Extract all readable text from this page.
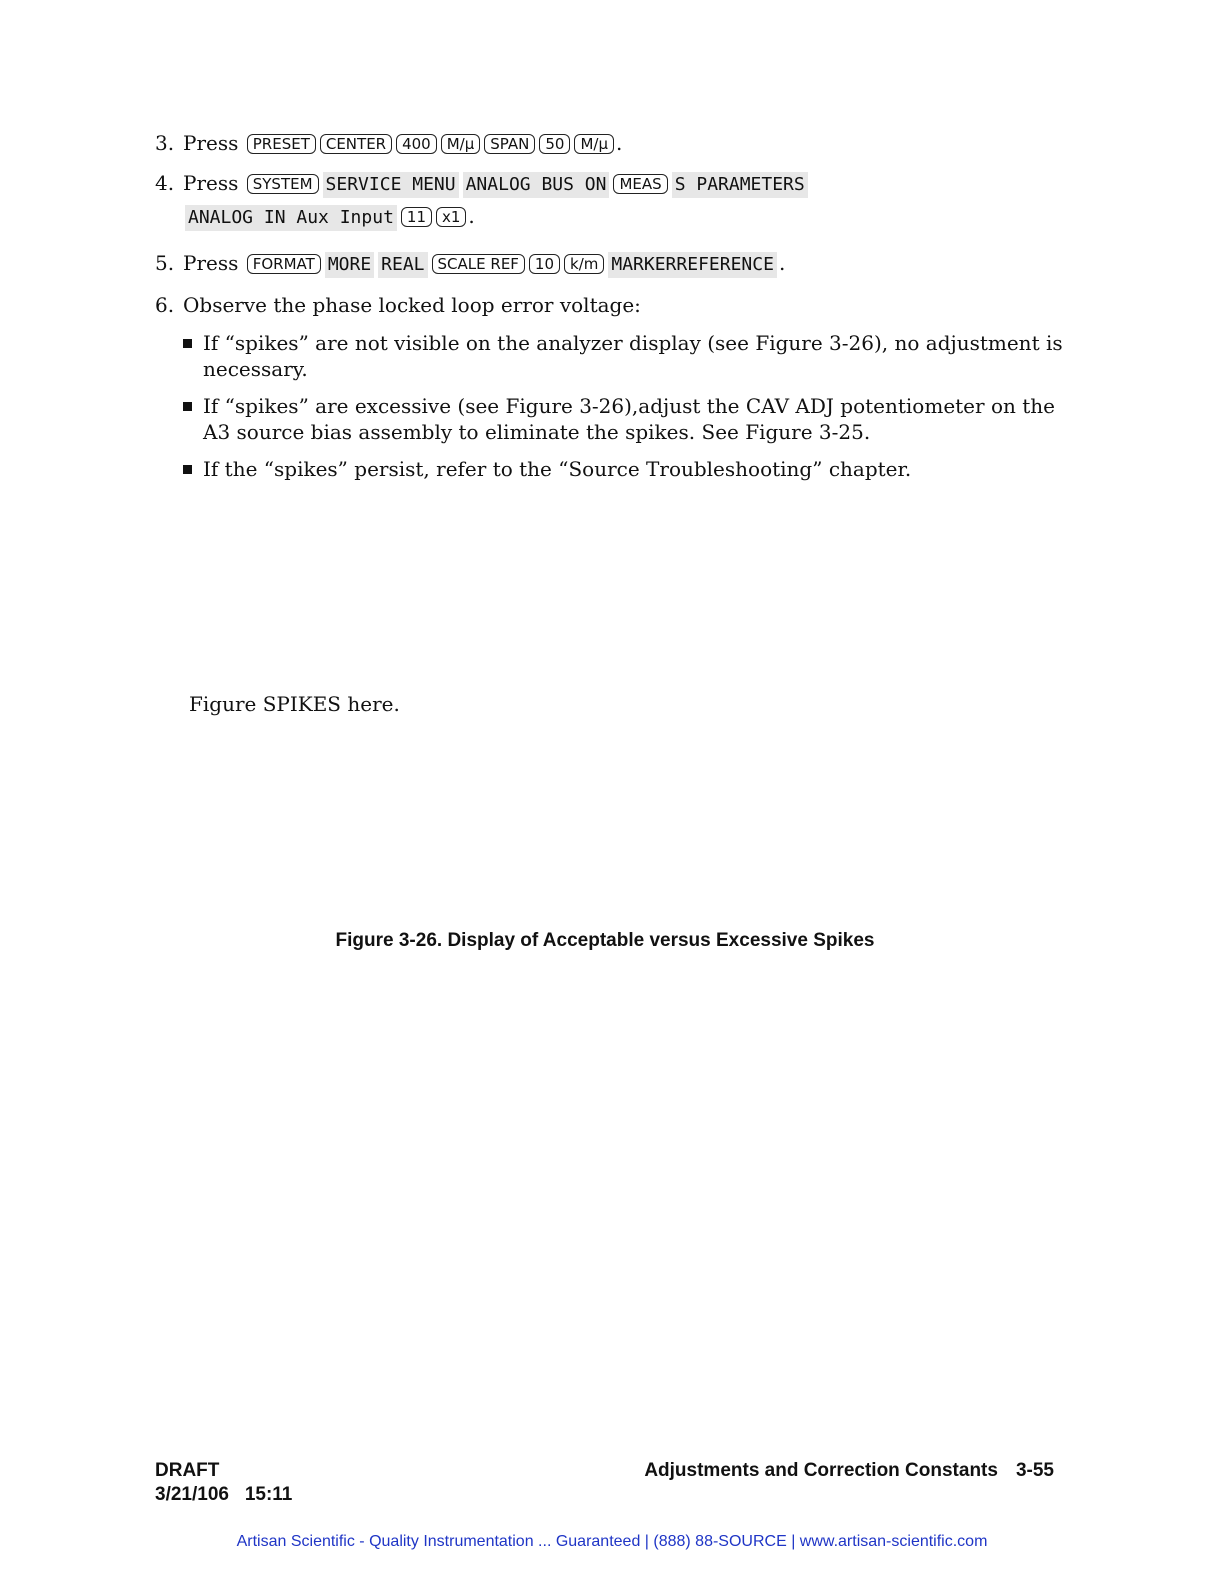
3. Press PRESET CENTER 400 M/μ SPAN 50 M/μ .
4. Press SYSTEM SERVICE MENU ANALOG BUS ON MEAS S PARAMETERS
ANALOG IN Aux Input 11 x1 .
5. Press FORMAT MORE REAL SCALE REF 10 k/m MARKERREFERENCE .
6. Observe the phase locked loop error voltage:
If “spikes” are not visible on the analyzer display (see Figure 3-26), no adjustment is necessary.
If “spikes” are excessive (see Figure 3-26),adjust the CAV ADJ potentiometer on the A3 source bias assembly to eliminate the spikes. See Figure 3-25.
If the “spikes” persist, refer to the “Source Troubleshooting” chapter.
Figure SPIKES here.
Figure 3-26. Display of Acceptable versus Excessive Spikes
DRAFT
3/21/106 15:11
Adjustments and Correction Constants 3-55
Artisan Scientific - Quality Instrumentation ... Guaranteed | (888) 88-SOURCE | www.artisan-scientific.com
